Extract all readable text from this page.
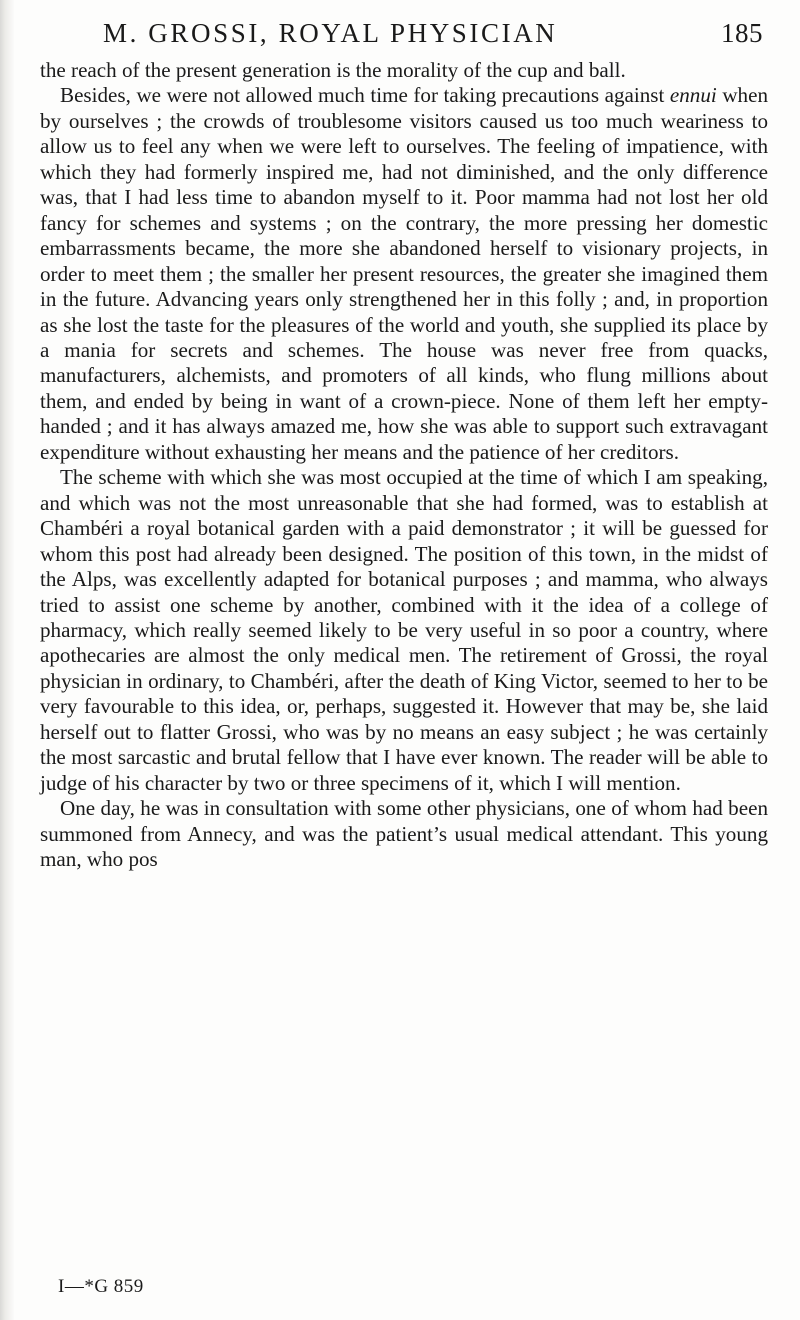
M. GROSSI, ROYAL PHYSICIAN	185

the reach of the present generation is the morality of the cup and ball.

Besides, we were not allowed much time for taking precautions against ennui when by ourselves ; the crowds of troublesome visitors caused us too much weariness to allow us to feel any when we were left to ourselves. The feeling of impatience, with which they had formerly inspired me, had not diminished, and the only difference was, that I had less time to abandon myself to it. Poor mamma had not lost her old fancy for schemes and systems ; on the contrary, the more pressing her domestic embarrassments became, the more she abandoned herself to visionary projects, in order to meet them ; the smaller her present resources, the greater she imagined them in the future. Advancing years only strengthened her in this folly ; and, in proportion as she lost the taste for the pleasures of the world and youth, she supplied its place by a mania for secrets and schemes. The house was never free from quacks, manufacturers, alchemists, and promoters of all kinds, who flung millions about them, and ended by being in want of a crown-piece. None of them left her empty-handed ; and it has always amazed me, how she was able to support such extravagant expenditure without exhausting her means and the patience of her creditors.

The scheme with which she was most occupied at the time of which I am speaking, and which was not the most unreasonable that she had formed, was to establish at Chambéri a royal botanical garden with a paid demonstrator ; it will be guessed for whom this post had already been designed. The position of this town, in the midst of the Alps, was excellently adapted for botanical purposes ; and mamma, who always tried to assist one scheme by another, combined with it the idea of a college of pharmacy, which really seemed likely to be very useful in so poor a country, where apothecaries are almost the only medical men. The retirement of Grossi, the royal physician in ordinary, to Chambéri, after the death of King Victor, seemed to her to be very favourable to this idea, or, perhaps, suggested it. However that may be, she laid herself out to flatter Grossi, who was by no means an easy subject ; he was certainly the most sarcastic and brutal fellow that I have ever known. The reader will be able to judge of his character by two or three specimens of it, which I will mention.

One day, he was in consultation with some other physicians, one of whom had been summoned from Annecy, and was the patient’s usual medical attendant. This young man, who pos

I—*G 859
